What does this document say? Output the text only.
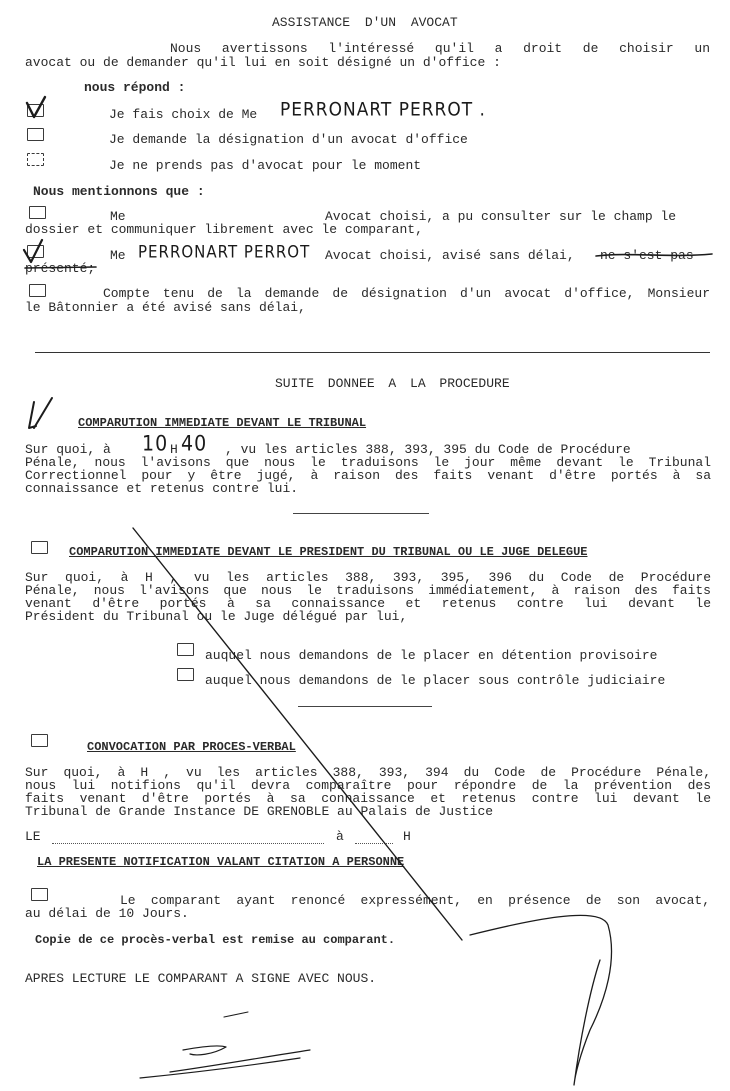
ASSISTANCE D'UN AVOCAT
Nous avertissons l'intéressé qu'il a droit de choisir un
avocat ou de demander qu'il lui en soit désigné un d'office :
nous répond :
Je fais choix de Me PERRONART PERROT .
Je demande la désignation d'un avocat d'office
Je ne prends pas d'avocat pour le moment
Nous mentionnons que :
Me	Avocat choisi, a pu consulter sur le champ le
dossier et communiquer librement avec le comparant,
Me PERRONART PERROT Avocat choisi, avisé sans délai, ne s'est pas
présenté;
Compte tenu de la demande de désignation d'un avocat d'office, Monsieur
le Bâtonnier a été avisé sans délai,
SUITE DONNEE A LA PROCEDURE
COMPARUTION IMMEDIATE DEVANT LE TRIBUNAL
Sur quoi, à 10 H 40 , vu les articles 388, 393, 395 du Code de Procédure
Pénale, nous l'avisons que nous le traduisons le jour même devant le Tribunal
Correctionnel pour y être jugé, à raison des faits venant d'être portés à sa
connaissance et retenus contre lui.
COMPARUTION IMMEDIATE DEVANT LE PRESIDENT DU TRIBUNAL OU LE JUGE DELEGUE
Sur quoi, à H , vu les articles 388, 393, 395, 396 du Code de Procédure
Pénale, nous l'avisons que nous le traduisons immédiatement, à raison des faits
venant d'être portés à sa connaissance et retenus contre lui devant le
Président du Tribunal ou le Juge délégué par lui,
auquel nous demandons de le placer en détention provisoire
auquel nous demandons de le placer sous contrôle judiciaire
CONVOCATION PAR PROCES-VERBAL
Sur quoi, à H , vu les articles 388, 393, 394 du Code de Procédure Pénale,
nous lui notifions qu'il devra comparaître pour répondre de la prévention des
faits venant d'être portés à sa connaissance et retenus contre lui devant le
Tribunal de Grande Instance DE GRENOBLE au Palais de Justice
LE	à	H
LA PRESENTE NOTIFICATION VALANT CITATION A PERSONNE
Le comparant ayant renoncé expressément, en présence de son avocat,
au délai de 10 Jours.
Copie de ce procès-verbal est remise au comparant.
APRES LECTURE LE COMPARANT A SIGNE AVEC NOUS.
